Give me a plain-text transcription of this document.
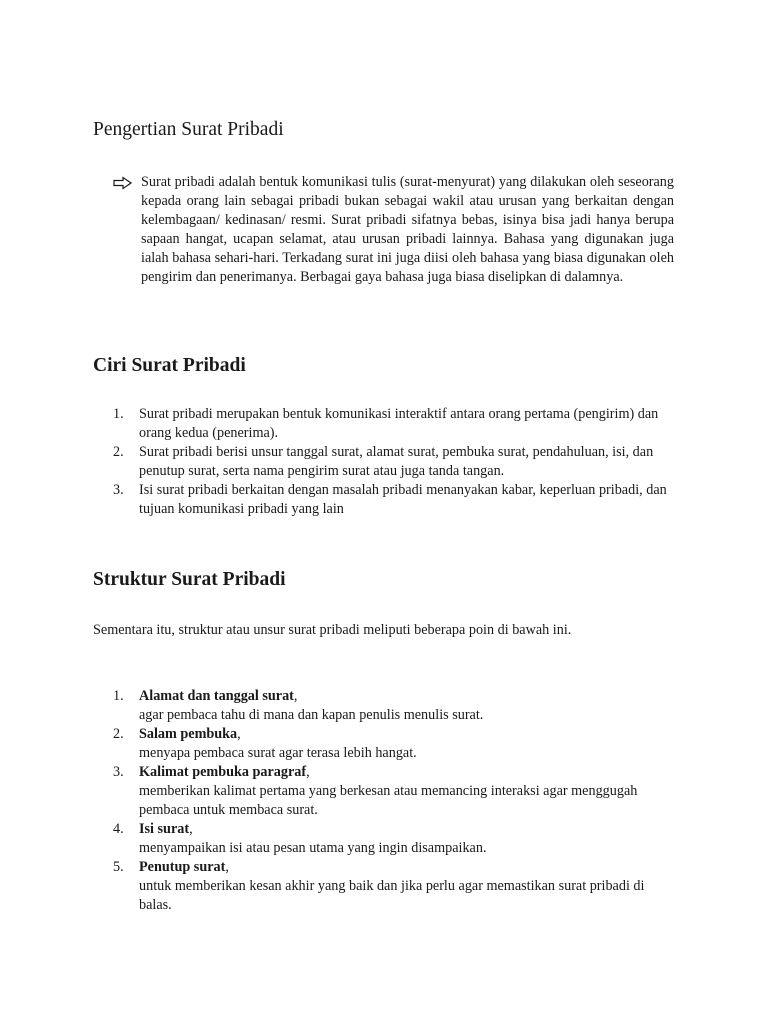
Pengertian Surat Pribadi

Surat pribadi adalah bentuk komunikasi tulis (surat-menyurat) yang dilakukan oleh seseorang kepada orang lain sebagai pribadi bukan sebagai wakil atau urusan yang berkaitan dengan kelembagaan/ kedinasan/ resmi. Surat pribadi sifatnya bebas, isinya bisa jadi hanya berupa sapaan hangat, ucapan selamat, atau urusan pribadi lainnya. Bahasa yang digunakan juga ialah bahasa sehari-hari. Terkadang surat ini juga diisi oleh bahasa yang biasa digunakan oleh pengirim dan penerimanya. Berbagai gaya bahasa juga biasa diselipkan di dalamnya.

Ciri Surat Pribadi
1.	Surat pribadi merupakan bentuk komunikasi interaktif antara orang pertama (pengirim) dan orang kedua (penerima).
2.	Surat pribadi berisi unsur tanggal surat, alamat surat, pembuka surat, pendahuluan, isi, dan penutup surat, serta nama pengirim surat atau juga tanda tangan.
3.	Isi surat pribadi berkaitan dengan masalah pribadi menanyakan kabar, keperluan pribadi, dan tujuan komunikasi pribadi yang lain
Struktur Surat Pribadi

Sementara itu, struktur atau unsur surat pribadi meliputi beberapa poin di bawah ini.

1.	Alamat dan tanggal surat,
agar pembaca tahu di mana dan kapan penulis menulis surat.
2.	Salam pembuka,
menyapa pembaca surat agar terasa lebih hangat.
3.	Kalimat pembuka paragraf,
memberikan kalimat pertama yang berkesan atau memancing interaksi agar menggugah pembaca untuk membaca surat.
4.	Isi surat,
menyampaikan isi atau pesan utama yang ingin disampaikan.
5.	Penutup surat,
untuk memberikan kesan akhir yang baik dan jika perlu agar memastikan surat pribadi di balas.
